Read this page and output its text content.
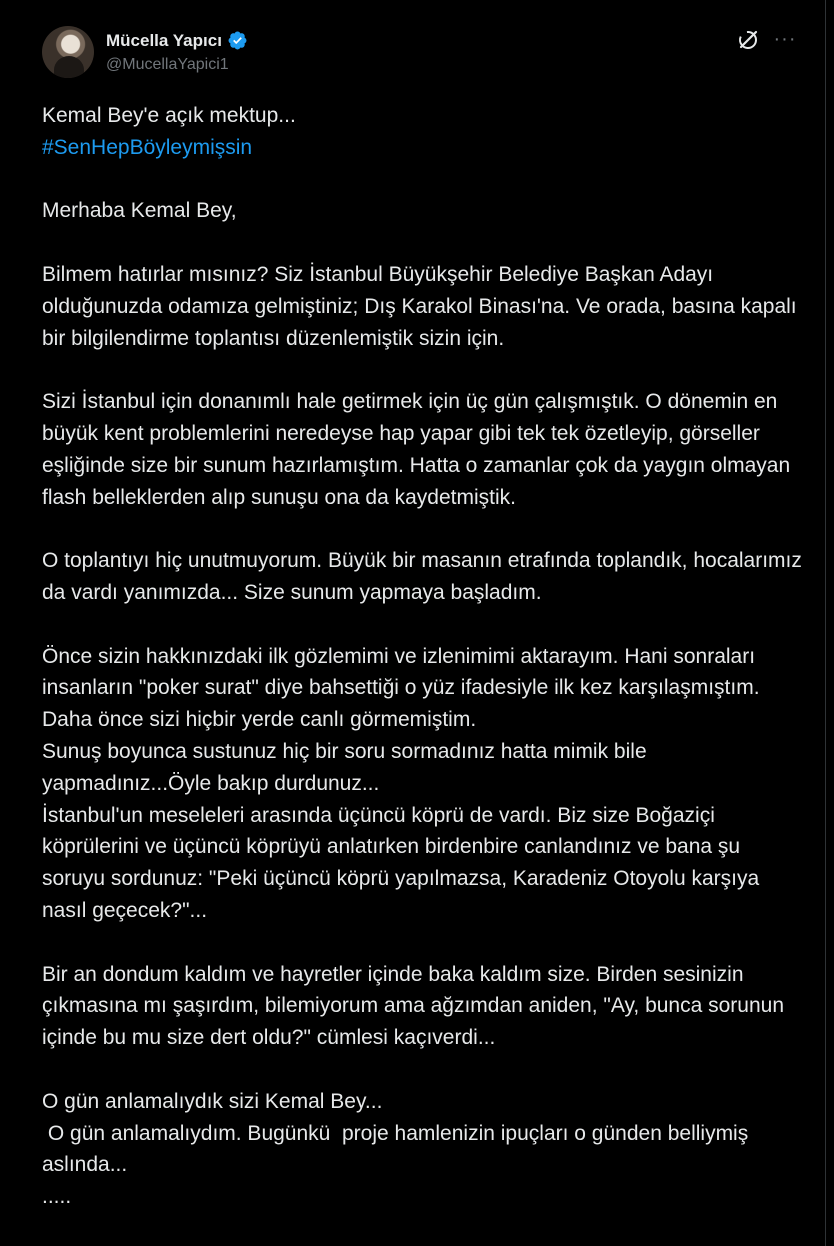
Mücella Yapıcı
@MucellaYapici1
···

Kemal Bey'e açık mektup...

#SenHepBöyleymişsin

Merhaba Kemal Bey,

Bilmem hatırlar mısınız? Siz İstanbul Büyükşehir Belediye Başkan Adayı olduğunuzda odamıza gelmiştiniz; Dış Karakol Binası'na. Ve orada, basına kapalı bir bilgilendirme toplantısı düzenlemiştik sizin için.

Sizi İstanbul için donanımlı hale getirmek için üç gün çalışmıştık. O dönemin en büyük kent problemlerini neredeyse hap yapar gibi tek tek özetleyip, görseller eşliğinde size bir sunum hazırlamıştım. Hatta o zamanlar çok da yaygın olmayan flash belleklerden alıp sunuşu ona da kaydetmiştik.

O toplantıyı hiç unutmuyorum. Büyük bir masanın etrafında toplandık, hocalarımız da vardı yanımızda... Size sunum yapmaya başladım.

Önce sizin hakkınızdaki ilk gözlemimi ve izlenimimi aktarayım. Hani sonraları insanların "poker surat" diye bahsettiği o yüz ifadesiyle ilk kez karşılaşmıştım. Daha önce sizi hiçbir yerde canlı görmemiştim.
Sunuş boyunca sustunuz hiç bir soru sormadınız hatta mimik bile yapmadınız...Öyle bakıp durdunuz...
İstanbul'un meseleleri arasında üçüncü köprü de vardı. Biz size Boğaziçi köprülerini ve üçüncü köprüyü anlatırken birdenbire canlandınız ve bana şu soruyu sordunuz: "Peki üçüncü köprü yapılmazsa, Karadeniz Otoyolu karşıya nasıl geçecek?"...

Bir an dondum kaldım ve hayretler içinde baka kaldım size. Birden sesinizin çıkmasına mı şaşırdım, bilemiyorum ama ağzımdan aniden, "Ay, bunca sorunun içinde bu mu size dert oldu?" cümlesi kaçıverdi...

O gün anlamalıydık sizi Kemal Bey...
O gün anlamalıydım. Bugünkü  proje hamlenizin ipuçları o günden belliymiş aslında...
.....
